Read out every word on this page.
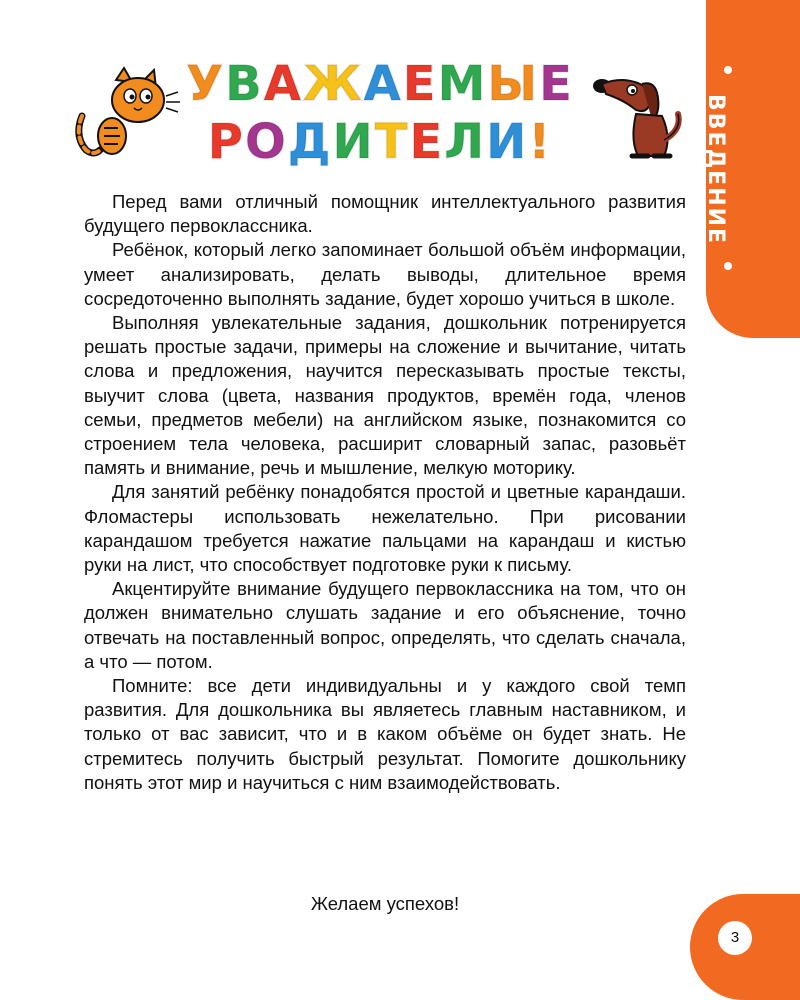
ВВЕДЕНИЕ
УВАЖАЕМЫЕ
РОДИТЕЛИ!

Перед вами отличный помощник интеллектуального развития будущего первоклассника.

Ребёнок, который легко запоминает большой объём информации, умеет анализировать, делать выводы, длительное время сосредоточенно выполнять задание, будет хорошо учиться в школе.

Выполняя увлекательные задания, дошкольник потренируется решать простые задачи, примеры на сложение и вычитание, читать слова и предложения, научится пересказывать простые тексты, выучит слова (цвета, названия продуктов, времён года, членов семьи, предметов мебели) на английском языке, познакомится со строением тела человека, расширит словарный запас, разовьёт память и внимание, речь и мышление, мелкую моторику.

Для занятий ребёнку понадобятся простой и цветные карандаши. Фломастеры использовать нежелательно. При рисовании карандашом требуется нажатие пальцами на карандаш и кистью руки на лист, что способствует подготовке руки к письму.

Акцентируйте внимание будущего первоклассника на том, что он должен внимательно слушать задание и его объяснение, точно отвечать на поставленный вопрос, определять, что сделать сначала, а что — потом.

Помните: все дети индивидуальны и у каждого свой темп развития. Для дошкольника вы являетесь главным наставником, и только от вас зависит, что и в каком объёме он будет знать. Не стремитесь получить быстрый результат. Помогите дошкольнику понять этот мир и научиться с ним взаимодействовать.

Желаем успехов!
3
